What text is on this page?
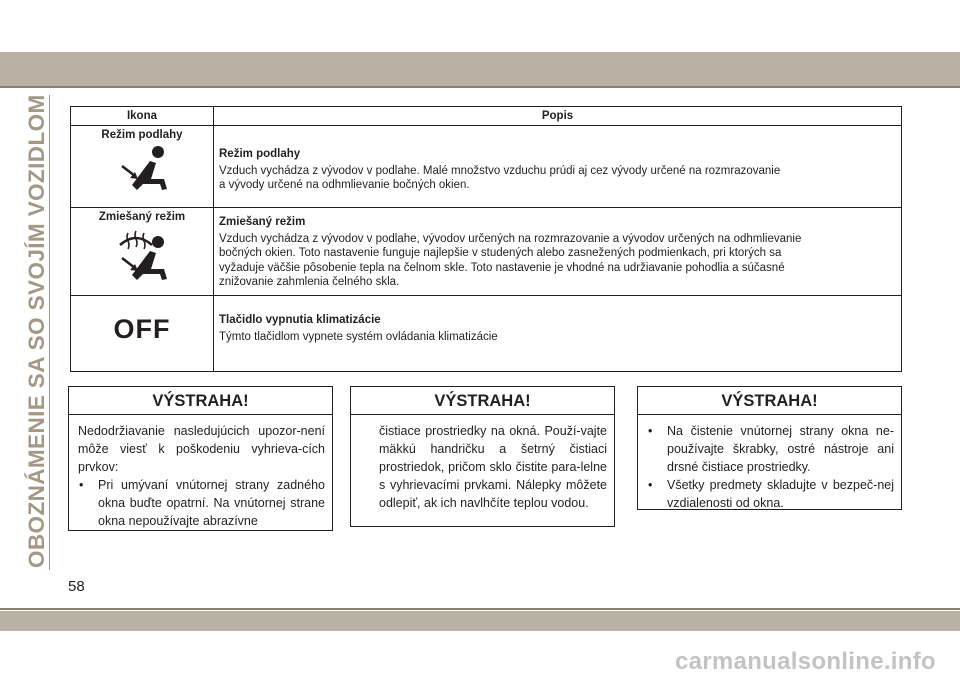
OBOZNÁMENIE SA SO SVOJÍM VOZIDLOM	Ikona	Popis

Režim podlahy	Režim podlahy
Vzduch vychádza z vývodov v podlahe. Malé množstvo vzduchu prúdi aj cez vývody určené na rozmrazovanie
a vývody určené na odhmlievanie bočných okien.

Zmiešaný režim	Zmiešaný režim
Vzduch vychádza z vývodov v podlahe, vývodov určených na rozmrazovanie a vývodov určených na odhmlievanie
bočných okien. Toto nastavenie funguje najlepšie v studených alebo zasnežených podmienkach, pri ktorých sa
vyžaduje väčšie pôsobenie tepla na čelnom skle. Toto nastavenie je vhodné na udržiavanie pohodlia a súčasné
znižovanie zahmlenia čelného skla.

OFF	Tlačidlo vypnutia klimatizácie
Týmto tlačidlom vypnete systém ovládania klimatizácie
VÝSTRAHA!
Nedodržiavanie nasledujúcich upozor-není môže viesť k poškodeniu vyhrieva-cích prvkov:
• Pri umývaní vnútornej strany zadného okna buďte opatrní. Na vnútornej strane okna nepoužívajte abrazívne
VÝSTRAHA!
čistiace prostriedky na okná. Použí-vajte mäkkú handričku a šetrný čistiaci prostriedok, pričom sklo čistite para-lelne s vyhrievacími prvkami. Nálepky môžete odlepiť, ak ich navlhčíte teplou vodou.
VÝSTRAHA!
• Na čistenie vnútornej strany okna ne-používajte škrabky, ostré nástroje ani drsné čistiace prostriedky.
• Všetky predmety skladujte v bezpeč-nej vzdialenosti od okna.
58
carmanualsonline.info
